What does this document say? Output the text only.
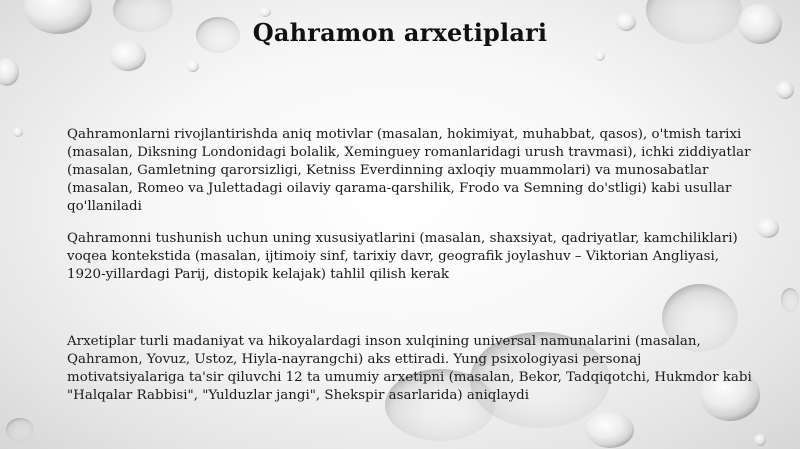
Qahramon arxetiplari
Qahramonlarni rivojlantirishda aniq motivlar (masalan, hokimiyat, muhabbat, qasos), o'tmish tarixi (masalan, Diksning Londonidagi bolalik, Xeminguey romanlaridagi urush travmasi), ichki ziddiyatlar (masalan, Gamletning qarorsizligi, Ketniss Everdinning axloqiy muammolari) va munosabatlar (masalan, Romeo va Julettadagi oilaviy qarama-qarshilik, Frodo va Semning do'stligi) kabi usullar qo'llaniladi
Qahramonni tushunish uchun uning xususiyatlarini (masalan, shaxsiyat, qadriyatlar, kamchiliklari) voqea kontekstida (masalan, ijtimoiy sinf, tarixiy davr, geografik joylashuv – Viktorian Angliyasi, 1920-yillardagi Parij, distopik kelajak) tahlil qilish kerak
Arxetiplar turli madaniyat va hikoyalardagi inson xulqining universal namunalarini (masalan, Qahramon, Yovuz, Ustoz, Hiyla-nayrangchi) aks ettiradi. Yung psixologiyasi personaj motivatsiyalariga ta'sir qiluvchi 12 ta umumiy arxetipni (masalan, Bekor, Tadqiqotchi, Hukmdor kabi "Halqalar Rabbisi", "Yulduzlar jangi", Shekspir asarlarida) aniqlaydi
